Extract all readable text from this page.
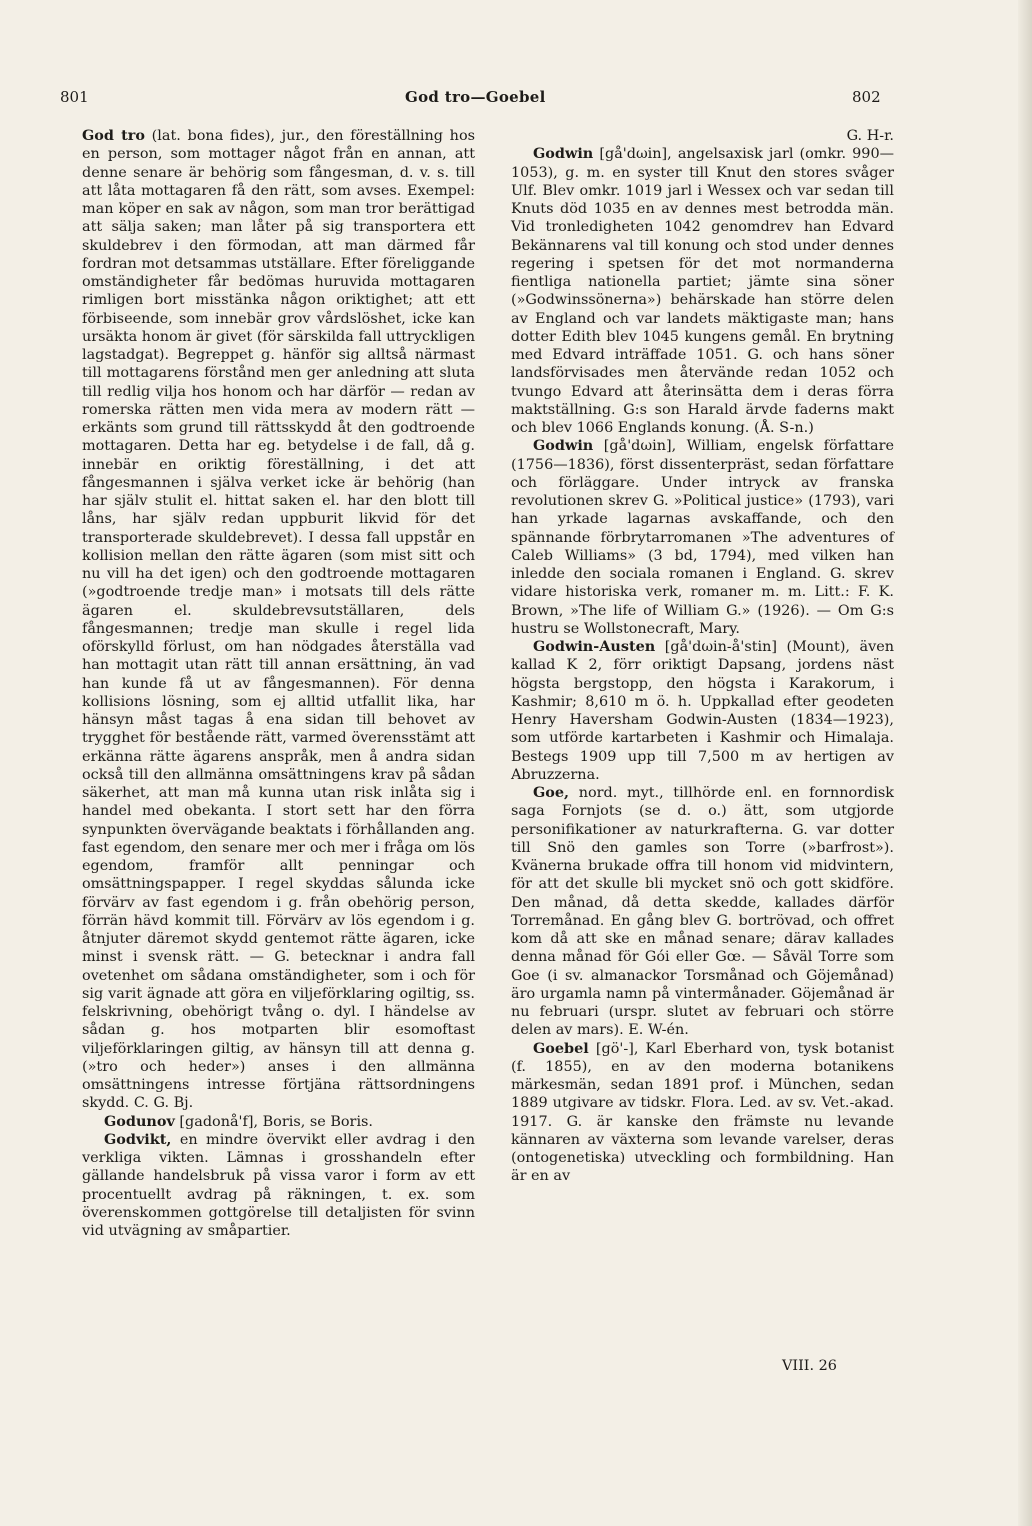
801	God tro—Goebel	802

God tro (lat. bona fides), jur., den föreställning hos en person, som mottager något från en annan, att denne senare är behörig som fångesman, d. v. s. till att låta mottagaren få den rätt, som avses. Exempel: man köper en sak av någon, som man tror berättigad att sälja saken; man låter på sig transportera ett skuldebrev i den förmodan, att man därmed får fordran mot detsammas utställare. Efter föreliggande omständigheter får bedömas huruvida mottagaren rimligen bort misstänka någon oriktighet; att ett förbiseende, som innebär grov vårdslöshet, icke kan ursäkta honom är givet (för särskilda fall uttryckligen lagstadgat). Begreppet g. hänför sig alltså närmast till mottagarens förstånd men ger anledning att sluta till redlig vilja hos honom och har därför — redan av romerska rätten men vida mera av modern rätt — erkänts som grund till rättsskydd åt den godtroende mottagaren. Detta har eg. betydelse i de fall, då g. innebär en oriktig föreställning, i det att fångesmannen i själva verket icke är behörig (han har själv stulit el. hittat saken el. har den blott till låns, har själv redan uppburit likvid för det transporterade skuldebrevet). I dessa fall uppstår en kollision mellan den rätte ägaren (som mist sitt och nu vill ha det igen) och den godtroende mottagaren (»godtroende tredje man» i motsats till dels rätte ägaren el. skuldebrevsutställaren, dels fångesmannen; tredje man skulle i regel lida oförskylld förlust, om han nödgades återställa vad han mottagit utan rätt till annan ersättning, än vad han kunde få ut av fångesmannen). För denna kollisions lösning, som ej alltid utfallit lika, har hänsyn måst tagas å ena sidan till behovet av trygghet för bestående rätt, varmed överensstämt att erkänna rätte ägarens anspråk, men å andra sidan också till den allmänna omsättningens krav på sådan säkerhet, att man må kunna utan risk inlåta sig i handel med obekanta. I stort sett har den förra synpunkten övervägande beaktats i förhållanden ang. fast egendom, den senare mer och mer i fråga om lös egendom, framför allt penningar och omsättningspapper. I regel skyddas sålunda icke förvärv av fast egendom i g. från obehörig person, förrän hävd kommit till. Förvärv av lös egendom i g. åtnjuter däremot skydd gentemot rätte ägaren, icke minst i svensk rätt. — G. betecknar i andra fall ovetenhet om sådana omständigheter, som i och för sig varit ägnade att göra en viljeförklaring ogiltig, ss. felskrivning, obehörigt tvång o. dyl. I händelse av sådan g. hos motparten blir esomoftast viljeförklaringen giltig, av hänsyn till att denna g. (»tro och heder») anses i den allmänna omsättningens intresse förtjäna rättsordningens skydd. C. G. Bj.

Godunov [gadonå'f], Boris, se Boris.

Godvikt, en mindre övervikt eller avdrag i den verkliga vikten. Lämnas i grosshandeln efter gällande handelsbruk på vissa varor i form av ett procentuellt avdrag på räkningen, t. ex. som överenskommen gottgörelse till detaljisten för svinn vid utvägning av småpartier.

G. H-r.

Godwin [gå'dωin], angelsaxisk jarl (omkr. 990—1053), g. m. en syster till Knut den stores svåger Ulf. Blev omkr. 1019 jarl i Wessex och var sedan till Knuts död 1035 en av dennes mest betrodda män. Vid tronledigheten 1042 genomdrev han Edvard Bekännarens val till konung och stod under dennes regering i spetsen för det mot normanderna fientliga nationella partiet; jämte sina söner (»Godwinssönerna») behärskade han större delen av England och var landets mäktigaste man; hans dotter Edith blev 1045 kungens gemål. En brytning med Edvard inträffade 1051. G. och hans söner landsförvisades men återvände redan 1052 och tvungo Edvard att återinsätta dem i deras förra maktställning. G:s son Harald ärvde faderns makt och blev 1066 Englands konung. (Å. S-n.)

Godwin [gå'dωin], William, engelsk författare (1756—1836), först dissenterpräst, sedan författare och förläggare. Under intryck av franska revolutionen skrev G. »Political justice» (1793), vari han yrkade lagarnas avskaffande, och den spännande förbrytarromanen »The adventures of Caleb Williams» (3 bd, 1794), med vilken han inledde den sociala romanen i England. G. skrev vidare historiska verk, romaner m. m. Litt.: F. K. Brown, »The life of William G.» (1926). — Om G:s hustru se Wollstonecraft, Mary.

Godwin-Austen [gå'dωin-å'stin] (Mount), även kallad K 2, förr oriktigt Dapsang, jordens näst högsta bergstopp, den högsta i Karakorum, i Kashmir; 8,610 m ö. h. Uppkallad efter geodeten Henry Haversham Godwin-Austen (1834—1923), som utförde kartarbeten i Kashmir och Himalaja. Bestegs 1909 upp till 7,500 m av hertigen av Abruzzerna.

Goe, nord. myt., tillhörde enl. en fornnordisk saga Fornjots (se d. o.) ätt, som utgjorde personifikationer av naturkrafterna. G. var dotter till Snö den gamles son Torre (»barfrost»). Kvänerna brukade offra till honom vid midvintern, för att det skulle bli mycket snö och gott skidföre. Den månad, då detta skedde, kallades därför Torremånad. En gång blev G. bortrövad, och offret kom då att ske en månad senare; därav kallades denna månad för Gói eller Gœ. — Såväl Torre som Goe (i sv. almanackor Torsmånad och Göjemånad) äro urgamla namn på vintermånader. Göjemånad är nu februari (urspr. slutet av februari och större delen av mars). E. W-én.

Goebel [gö'-], Karl Eberhard von, tysk botanist (f. 1855), en av den moderna botanikens märkesmän, sedan 1891 prof. i München, sedan 1889 utgivare av tidskr. Flora. Led. av sv. Vet.-akad. 1917. G. är kanske den främste nu levande kännaren av växterna som levande varelser, deras (ontogenetiska) utveckling och formbildning. Han är en av

VIII. 26
